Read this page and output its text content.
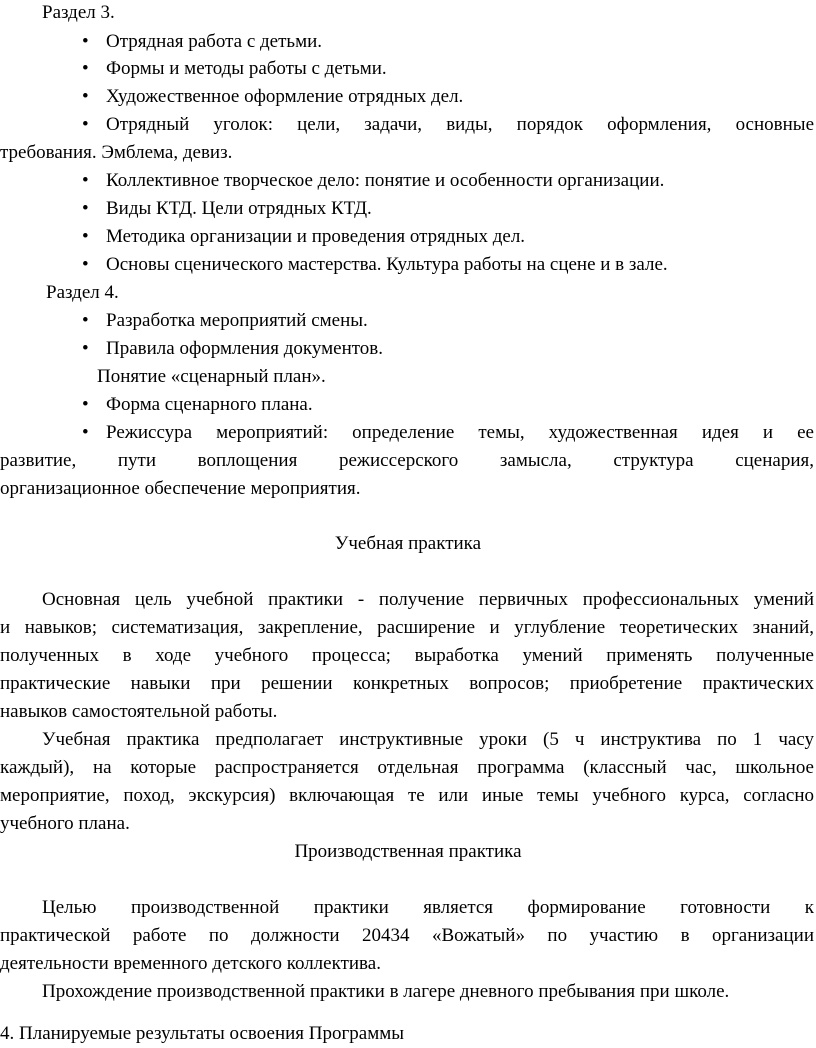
Раздел 3.
Отрядная работа с детьми.
Формы и методы работы с детьми.
Художественное оформление отрядных дел.
• Отрядный уголок: цели, задачи, виды, порядок оформления, основные
требования. Эмблема, девиз.
Коллективное творческое дело: понятие и особенности организации.
Виды КТД. Цели отрядных КТД.
Методика организации и проведения отрядных дел.
Основы сценического мастерства. Культура работы на сцене и в зале.
Раздел 4.
Разработка мероприятий смены.
Правила оформления документов.
Понятие «сценарный план».
Форма сценарного плана.
• Режиссура мероприятий: определение темы, художественная идея и ее
развитие, пути воплощения режиссерского замысла, структура сценария,
организационное обеспечение мероприятия.
Учебная практика
Основная цель учебной практики - получение первичных профессиональных умений
и навыков; систематизация, закрепление, расширение и углубление теоретических знаний,
полученных в ходе учебного процесса; выработка умений применять полученные
практические навыки при решении конкретных вопросов; приобретение практических
навыков самостоятельной работы.
Учебная практика предполагает инструктивные уроки (5 ч инструктива по 1 часу
каждый), на которые распространяется отдельная программа (классный час, школьное
мероприятие, поход, экскурсия) включающая те или иные темы учебного курса, согласно
учебного плана.
Производственная практика
Целью производственной практики является формирование готовности к
практической работе по должности 20434 «Вожатый» по участию в организации
деятельности временного детского коллектива.
Прохождение производственной практики в лагере дневного пребывания при школе.
4. Планируемые результаты освоения Программы
